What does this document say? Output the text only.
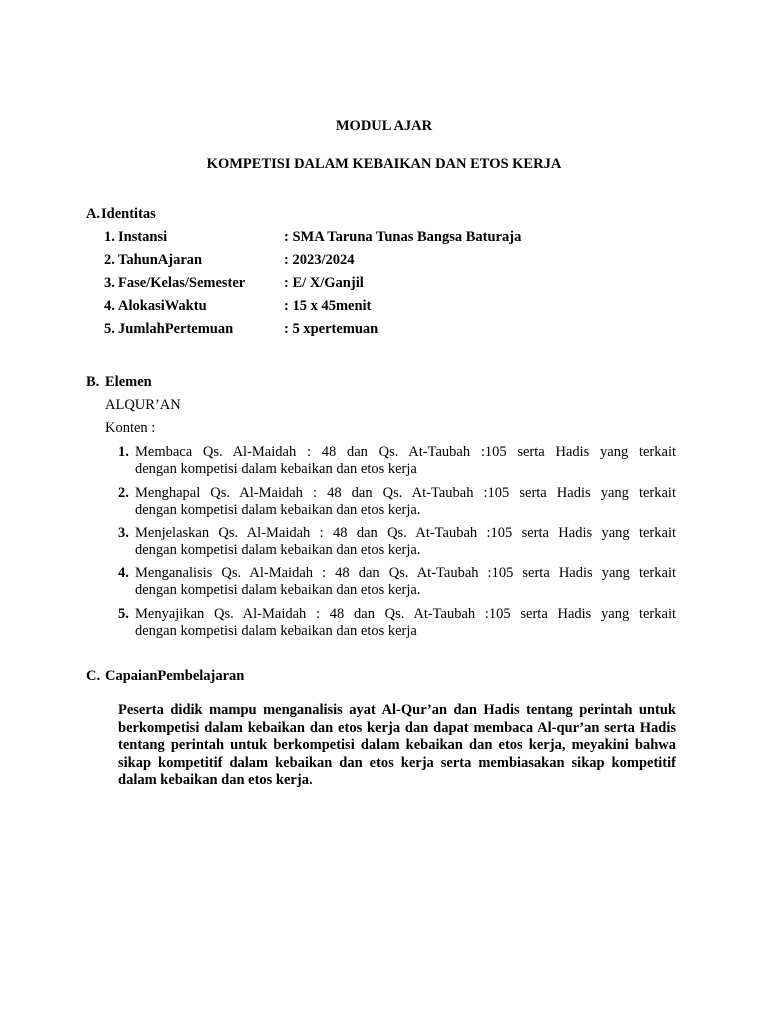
MODUL AJAR
KOMPETISI DALAM KEBAIKAN DAN ETOS KERJA
A. Identitas
1. Instansi	: SMA Taruna Tunas Bangsa Baturaja
2. TahunAjaran	: 2023/2024
3. Fase/Kelas/Semester	: E/ X/Ganjil
4. AlokasiWaktu	: 15 x 45menit
5. JumlahPertemuan	: 5 xpertemuan
B. Elemen
ALQUR’AN
Konten :
1. Membaca Qs. Al-Maidah : 48 dan Qs. At-Taubah :105 serta Hadis yang terkait
dengan kompetisi dalam kebaikan dan etos kerja
2. Menghapal Qs. Al-Maidah : 48 dan Qs. At-Taubah :105 serta Hadis yang terkait
dengan kompetisi dalam kebaikan dan etos kerja.
3. Menjelaskan Qs. Al-Maidah : 48 dan Qs. At-Taubah :105 serta Hadis yang terkait
dengan kompetisi dalam kebaikan dan etos kerja.
4. Menganalisis Qs. Al-Maidah : 48 dan Qs. At-Taubah :105 serta Hadis yang terkait
dengan kompetisi dalam kebaikan dan etos kerja.
5. Menyajikan Qs. Al-Maidah : 48 dan Qs. At-Taubah :105 serta Hadis yang terkait
dengan kompetisi dalam kebaikan dan etos kerja
C. CapaianPembelajaran
Peserta didik mampu menganalisis ayat Al-Qur’an dan Hadis tentang perintah untuk berkompetisi dalam kebaikan dan etos kerja dan dapat membaca Al-qur’an serta Hadis tentang perintah untuk berkompetisi dalam kebaikan dan etos kerja, meyakini bahwa sikap kompetitif dalam kebaikan dan etos kerja serta membiasakan sikap kompetitif dalam kebaikan dan etos kerja.
